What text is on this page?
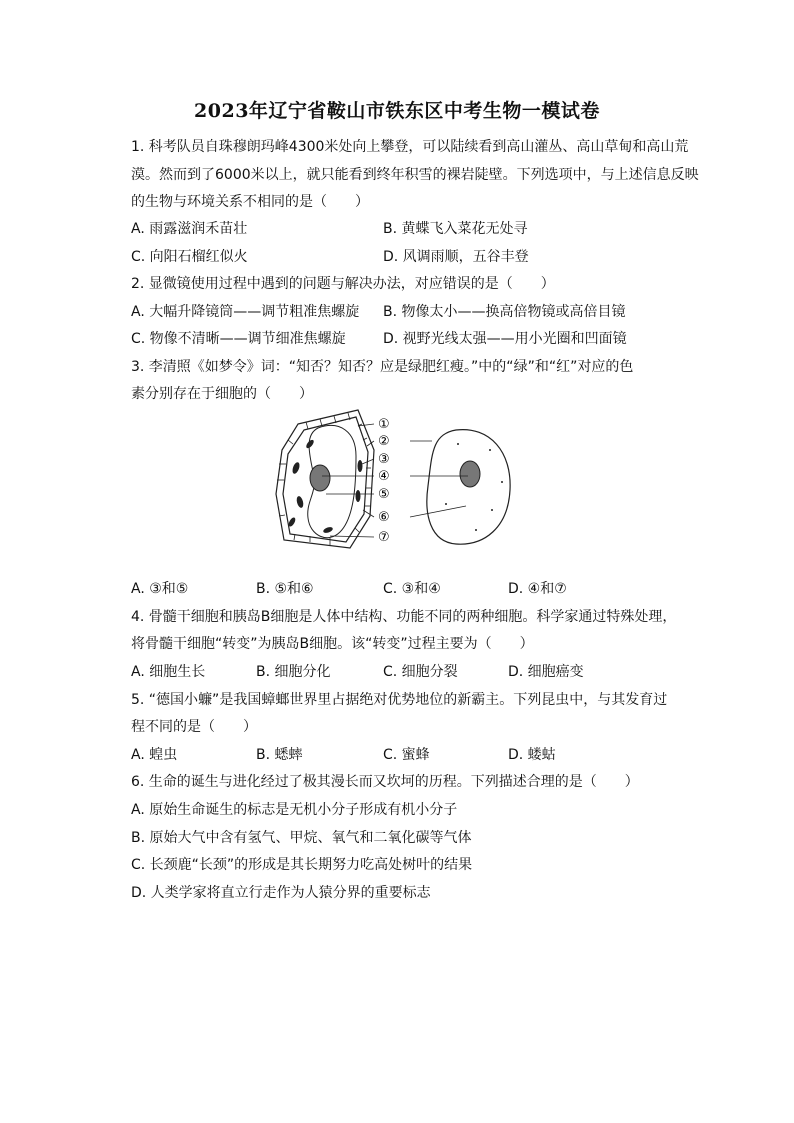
2023年辽宁省鞍山市铁东区中考生物一模试卷
1. 科考队员自珠穆朗玛峰4300米处向上攀登，可以陆续看到高山灌丛、高山草甸和高山荒
漠。然而到了6000米以上，就只能看到终年积雪的裸岩陡壁。下列选项中，与上述信息反映
的生物与环境关系不相同的是（　　）
A. 雨露滋润禾苗壮	B. 黄蝶飞入菜花无处寻
C. 向阳石榴红似火	D. 风调雨顺，五谷丰登
2. 显微镜使用过程中遇到的问题与解决办法，对应错误的是（　　）
A. 大幅升降镜筒——调节粗准焦螺旋 B. 物像太小——换高倍物镜或高倍目镜
C. 物像不清晰——调节细准焦螺旋	D. 视野光线太强——用小光圈和凹面镜
3. 李清照《如梦令》词：“知否？知否？应是绿肥红瘦。”中的“绿”和“红”对应的色
素分别存在于细胞的（　　）
①
②
③
④
⑤
⑥
⑦
A. ③和⑤	B. ⑤和⑥	C. ③和④	D. ④和⑦
4. 骨髓干细胞和胰岛B细胞是人体中结构、功能不同的两种细胞。科学家通过特殊处理，
将骨髓干细胞“转变”为胰岛B细胞。该“转变”过程主要为（　　）
A. 细胞生长	B. 细胞分化	C. 细胞分裂	D. 细胞癌变
5. “德国小蠊”是我国蟑螂世界里占据绝对优势地位的新霸主。下列昆虫中，与其发育过
程不同的是（　　）
A. 蝗虫	B. 蟋蟀	C. 蜜蜂	D. 蝼蛄
6. 生命的诞生与进化经过了极其漫长而又坎坷的历程。下列描述合理的是（　　）
A. 原始生命诞生的标志是无机小分子形成有机小分子
B. 原始大气中含有氢气、甲烷、氧气和二氧化碳等气体
C. 长颈鹿“长颈”的形成是其长期努力吃高处树叶的结果
D. 人类学家将直立行走作为人猿分界的重要标志
